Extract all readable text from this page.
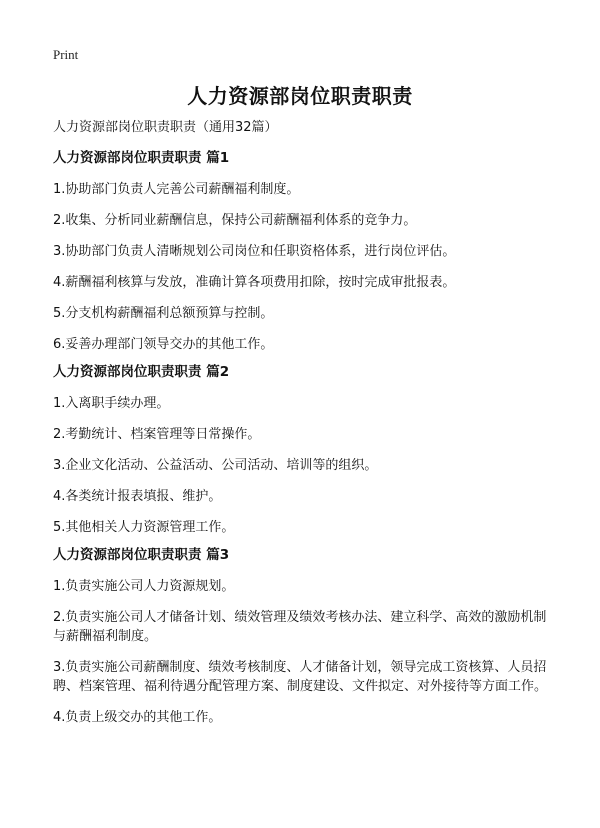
Print
人力资源部岗位职责职责

人力资源部岗位职责职责（通用32篇）

人力资源部岗位职责职责 篇1

1.协助部门负责人完善公司薪酬福利制度。

2.收集、分析同业薪酬信息，保持公司薪酬福利体系的竞争力。

3.协助部门负责人清晰规划公司岗位和任职资格体系，进行岗位评估。

4.薪酬福利核算与发放，准确计算各项费用扣除，按时完成审批报表。

5.分支机构薪酬福利总额预算与控制。

6.妥善办理部门领导交办的其他工作。

人力资源部岗位职责职责 篇2

1.入离职手续办理。

2.考勤统计、档案管理等日常操作。

3.企业文化活动、公益活动、公司活动、培训等的组织。

4.各类统计报表填报、维护。

5.其他相关人力资源管理工作。

人力资源部岗位职责职责 篇3

1.负责实施公司人力资源规划。

2.负责实施公司人才储备计划、绩效管理及绩效考核办法、建立科学、高效的激励机制与薪酬福利制度。

3.负责实施公司薪酬制度、绩效考核制度、人才储备计划，领导完成工资核算、人员招聘、档案管理、福利待遇分配管理方案、制度建设、文件拟定、对外接待等方面工作。

4.负责上级交办的其他工作。
